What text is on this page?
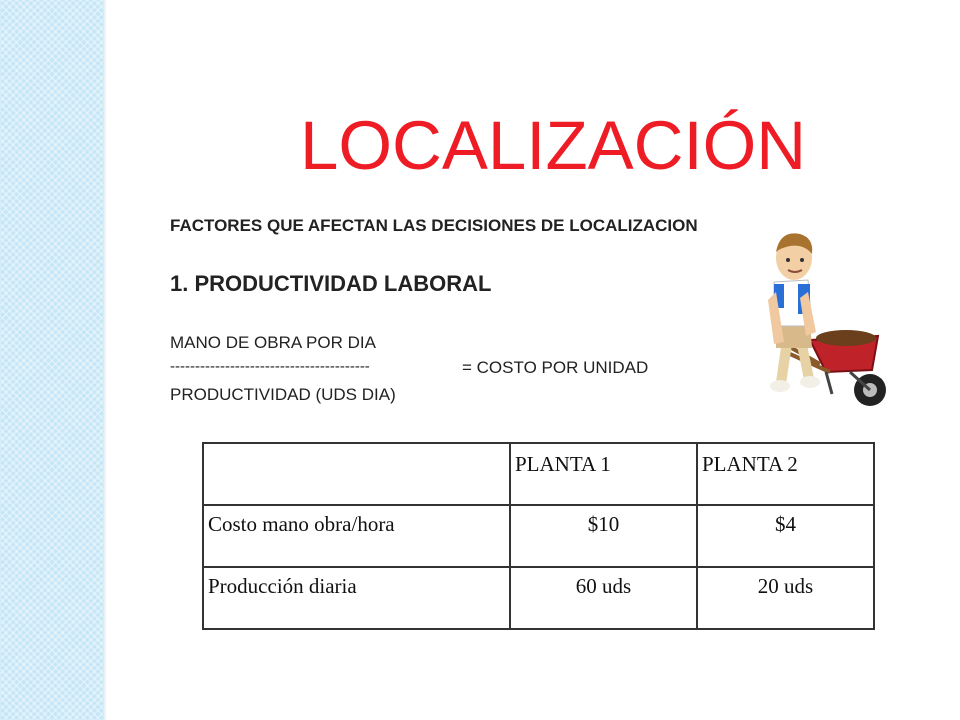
LOCALIZACIÓN
FACTORES QUE AFECTAN LAS DECISIONES DE LOCALIZACION
1. PRODUCTIVIDAD LABORAL
MANO DE OBRA POR DIA
----------------------------------------	= COSTO POR UNIDAD
PRODUCTIVIDAD (UDS DIA)

	PLANTA 1	PLANTA 2

Costo mano obra/hora	$10	$4

Producción diaria	60 uds	20 uds
